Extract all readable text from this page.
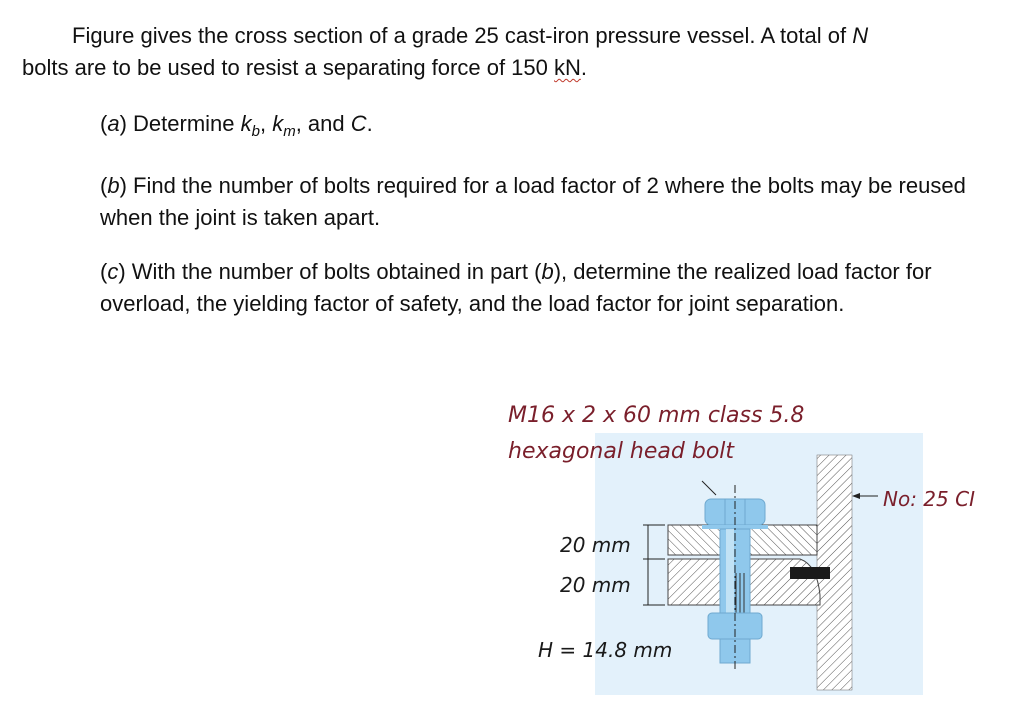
Figure gives the cross section of a grade 25 cast-iron pressure vessel. A total of N
bolts are to be used to resist a separating force of 150 kN.
(a) Determine $k_b$, $k_m$, and C.
(b) Find the number of bolts required for a load factor of 2 where the bolts may be reused when the joint is taken apart.
(c) With the number of bolts obtained in part (b), determine the realized load factor for overload, the yielding factor of safety, and the load factor for joint separation.
M16 x 2 x 60 mm class 5.8
hexagonal head bolt
No: 25 CI
20 mm
20 mm
H = 14.8 mm
